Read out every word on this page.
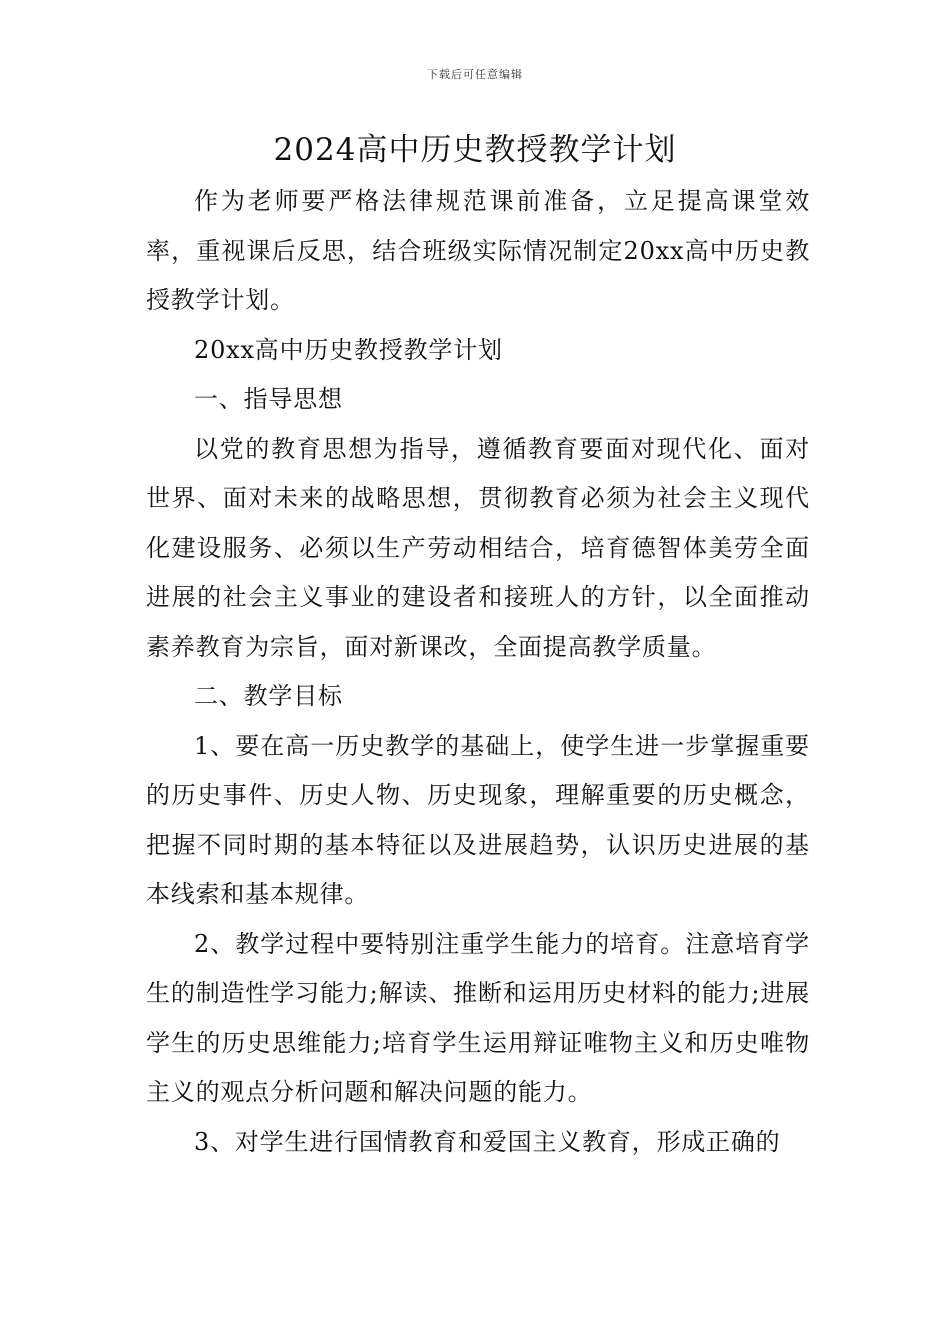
下载后可任意编辑
2024高中历史教授教学计划

作为老师要严格法律规范课前准备，立足提高课堂效率，重视课后反思，结合班级实际情况制定20xx高中历史教授教学计划。

20xx高中历史教授教学计划

一、指导思想

以党的教育思想为指导，遵循教育要面对现代化、面对世界、面对未来的战略思想，贯彻教育必须为社会主义现代化建设服务、必须以生产劳动相结合，培育德智体美劳全面进展的社会主义事业的建设者和接班人的方针，以全面推动素养教育为宗旨，面对新课改，全面提高教学质量。

二、教学目标

1、要在高一历史教学的基础上，使学生进一步掌握重要的历史事件、历史人物、历史现象，理解重要的历史概念，把握不同时期的基本特征以及进展趋势，认识历史进展的基本线索和基本规律。

2、教学过程中要特别注重学生能力的培育。注意培育学生的制造性学习能力;解读、推断和运用历史材料的能力;进展学生的历史思维能力;培育学生运用辩证唯物主义和历史唯物主义的观点分析问题和解决问题的能力。

3、对学生进行国情教育和爱国主义教育，形成正确的
